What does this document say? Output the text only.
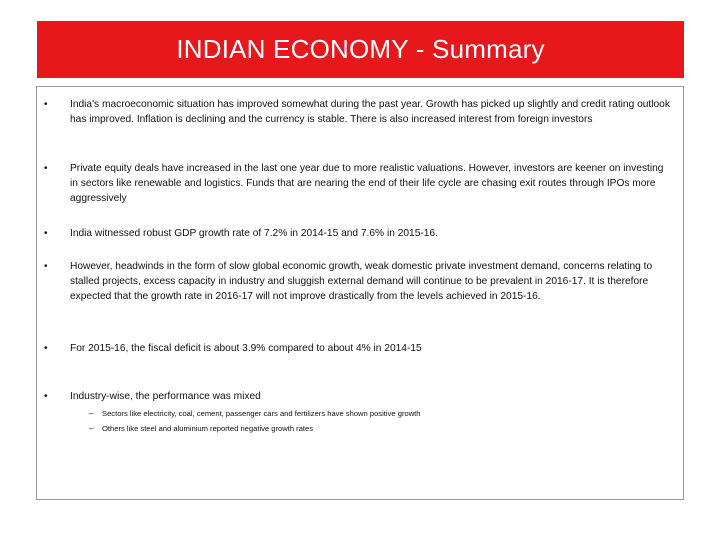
INDIAN ECONOMY - Summary
• India's macroeconomic situation has improved somewhat during the past year. Growth has picked up slightly and credit rating outlook has improved. Inflation is declining and the currency is stable. There is also increased interest from foreign investors

• Private equity deals have increased in the last one year due to more realistic valuations. However, investors are keener on investing in sectors like renewable and logistics. Funds that are nearing the end of their life cycle are chasing exit routes through IPOs more aggressively

• India witnessed robust GDP growth rate of 7.2% in 2014-15 and 7.6% in 2015-16.

• However, headwinds in the form of slow global economic growth, weak domestic private investment demand, concerns relating to stalled projects, excess capacity in industry and sluggish external demand will continue to be prevalent in 2016-17. It is therefore expected that the growth rate in 2016-17 will not improve drastically from the levels achieved in 2015-16.

• For 2015-16, the fiscal deficit is about 3.9% compared to about 4% in 2014-15

• Industry-wise, the performance was mixed

– Sectors like electricity, coal, cement, passenger cars and fertilizers have shown positive growth
– Others like steel and aluminium reported negative growth rates
